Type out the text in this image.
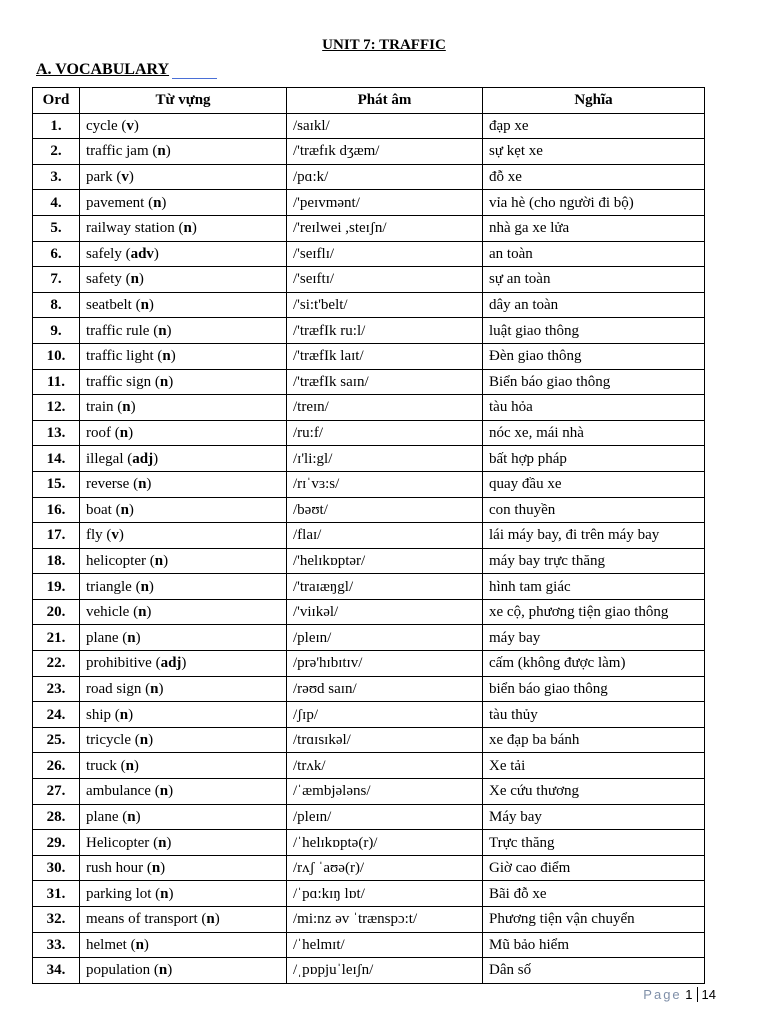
UNIT 7: TRAFFIC
A. VOCABULARY
Ord	Từ vựng	Phát âm	Nghĩa
1.	cycle (v)	/saɪkl/	đạp xe
2.	traffic jam (n)	/'træfɪk dʒæm/	sự kẹt xe
3.	park (v)	/pɑ:k/	đỗ xe
4.	pavement (n)	/'peɪvmənt/	vỉa hè (cho người đi bộ)
5.	railway station (n)	/'reɪlwei ,steɪʃn/	nhà ga xe lửa
6.	safely (adv)	/'seɪflɪ/	an toàn
7.	safety (n)	/'seɪftɪ/	sự an toàn
8.	seatbelt (n)	/'si:t'belt/	dây an toàn
9.	traffic rule (n)	/'træfIk ru:l/	luật giao thông
10.	traffic light (n)	/'træfIk laɪt/	Đèn giao thông
11.	traffic sign (n)	/'træfIk saɪn/	Biển báo giao thông
12.	train (n)	/treɪn/	tàu hỏa
13.	roof (n)	/ru:f/	nóc xe, mái nhà
14.	illegal (adj)	/ɪ'li:gl/	bất hợp pháp
15.	reverse (n)	/rɪˈvɜ:s/	quay đầu xe
16.	boat (n)	/bəʊt/	con thuyền
17.	fly (v)	/flaɪ/	lái máy bay, đi trên máy bay
18.	helicopter (n)	/'helɪkɒptər/	máy bay trực thăng
19.	triangle (n)	/'traɪæŋgl/	hình tam giác
20.	vehicle (n)	/'viɪkəl/	xe cộ, phương tiện giao thông
21.	plane (n)	/pleɪn/	máy bay
22.	prohibitive (adj)	/prə'hɪbɪtɪv/	cấm (không được làm)
23.	road sign (n)	/rəʊd saɪn/	biển báo giao thông
24.	ship (n)	/ʃɪp/	tàu thủy
25.	tricycle (n)	/trɑɪsɪkəl/	xe đạp ba bánh
26.	truck (n)	/trʌk/	Xe tải
27.	ambulance (n)	/ˈæmbjələns/	Xe cứu thương
28.	plane (n)	/pleɪn/	Máy bay
29.	Helicopter (n)	/ˈhelɪkɒptə(r)/	Trực thăng
30.	rush hour (n)	/rʌʃ ˈaʊə(r)/	Giờ cao điểm
31.	parking lot (n)	/ˈpɑ:kɪŋ lɒt/	Bãi đỗ xe
32.	means of transport (n)	/mi:nz əv ˈtrænspɔ:t/	Phương tiện vận chuyển
33.	helmet (n)	/ˈhelmɪt/	Mũ bảo hiểm
34.	population (n)	/ˌpɒpjuˈleɪʃn/	Dân số
Page 1 14
